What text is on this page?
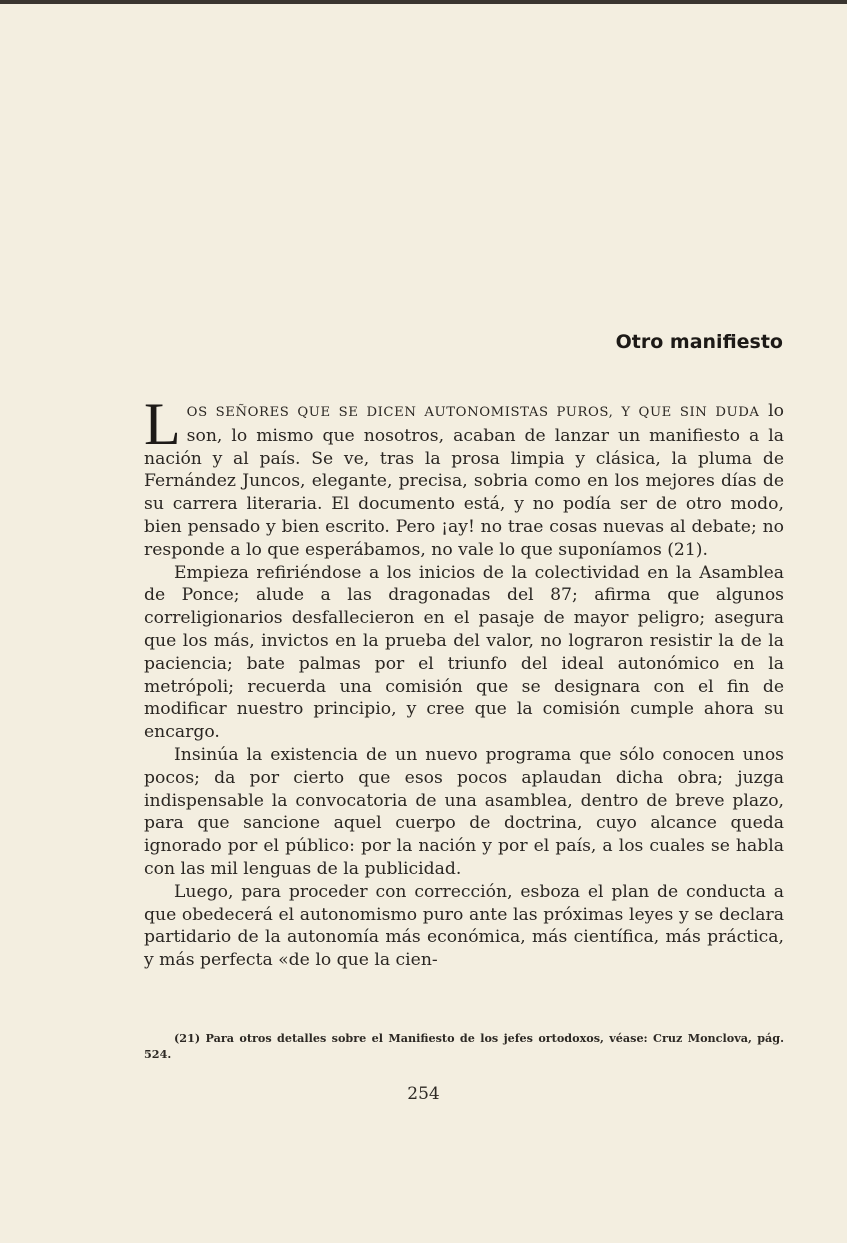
Otro manifiesto

LOS SEÑORES QUE SE DICEN AUTONOMISTAS PUROS, Y QUE SIN DUDA lo son, lo mismo que nosotros, acaban de lanzar un manifiesto a la nación y al país. Se ve, tras la prosa limpia y clásica, la pluma de Fernández Juncos, elegante, precisa, sobria como en los mejores días de su carrera literaria. El documento está, y no podía ser de otro modo, bien pensado y bien escrito. Pero ¡ay! no trae cosas nuevas al debate; no responde a lo que esperábamos, no vale lo que suponíamos (21).

Empieza refiriéndose a los inicios de la colectividad en la Asamblea de Ponce; alude a las dragonadas del 87; afirma que algunos correligionarios desfallecieron en el pasaje de mayor peligro; asegura que los más, invictos en la prueba del valor, no lograron resistir la de la paciencia; bate palmas por el triunfo del ideal autonómico en la metrópoli; recuerda una comisión que se designara con el fin de modificar nuestro principio, y cree que la comisión cumple ahora su encargo.

Insinúa la existencia de un nuevo programa que sólo conocen unos pocos; da por cierto que esos pocos aplaudan dicha obra; juzga indispensable la convocatoria de una asamblea, dentro de breve plazo, para que sancione aquel cuerpo de doctrina, cuyo alcance queda ignorado por el público: por la nación y por el país, a los cuales se habla con las mil lenguas de la publicidad.

Luego, para proceder con corrección, esboza el plan de conducta a que obedecerá el autonomismo puro ante las próximas leyes y se declara partidario de la autonomía más económica, más científica, más práctica, y más perfecta «de lo que la cien-

(21) Para otros detalles sobre el Manifiesto de los jefes ortodoxos, véase: Cruz Monclova, pág. 524.

254
